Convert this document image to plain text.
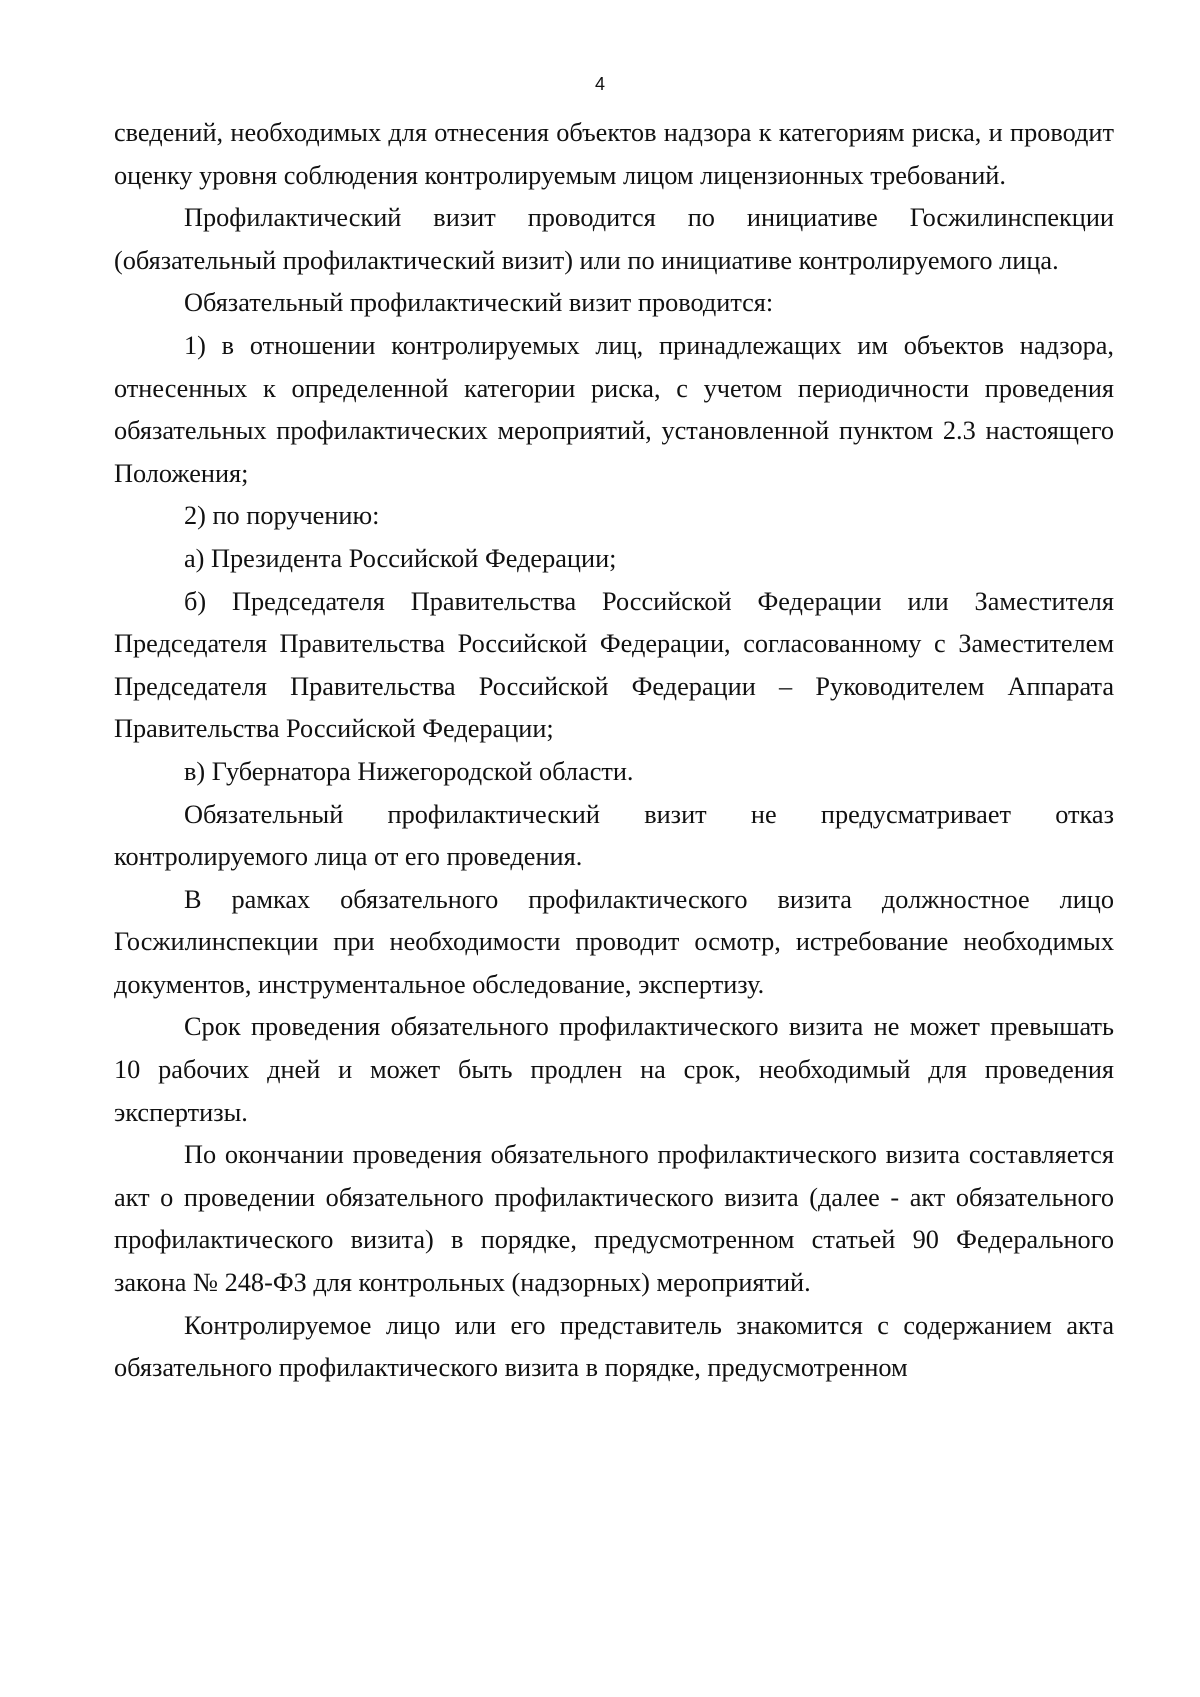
4

сведений, необходимых для отнесения объектов надзора к категориям риска, и проводит оценку уровня соблюдения контролируемым лицом лицензионных требований.

Профилактический визит проводится по инициативе Госжилинспекции (обязательный профилактический визит) или по инициативе контролируемого лица.

Обязательный профилактический визит проводится:

1) в отношении контролируемых лиц, принадлежащих им объектов надзора, отнесенных к определенной категории риска, с учетом периодичности проведения обязательных профилактических мероприятий, установленной пунктом 2.3 настоящего Положения;

2) по поручению:

а) Президента Российской Федерации;

б) Председателя Правительства Российской Федерации или Заместителя Председателя Правительства Российской Федерации, согласованному с Заместителем Председателя Правительства Российской Федерации – Руководителем Аппарата Правительства Российской Федерации;

в) Губернатора Нижегородской области.

Обязательный профилактический визит не предусматривает отказ контролируемого лица от его проведения.

В рамках обязательного профилактического визита должностное лицо Госжилинспекции при необходимости проводит осмотр, истребование необходимых документов, инструментальное обследование, экспертизу.

Срок проведения обязательного профилактического визита не может превышать 10 рабочих дней и может быть продлен на срок, необходимый для проведения экспертизы.

По окончании проведения обязательного профилактического визита составляется акт о проведении обязательного профилактического визита (далее - акт обязательного профилактического визита) в порядке, предусмотренном статьей 90 Федерального закона № 248-ФЗ для контрольных (надзорных) мероприятий.

Контролируемое лицо или его представитель знакомится с содержанием акта обязательного профилактического визита в порядке, предусмотренном
